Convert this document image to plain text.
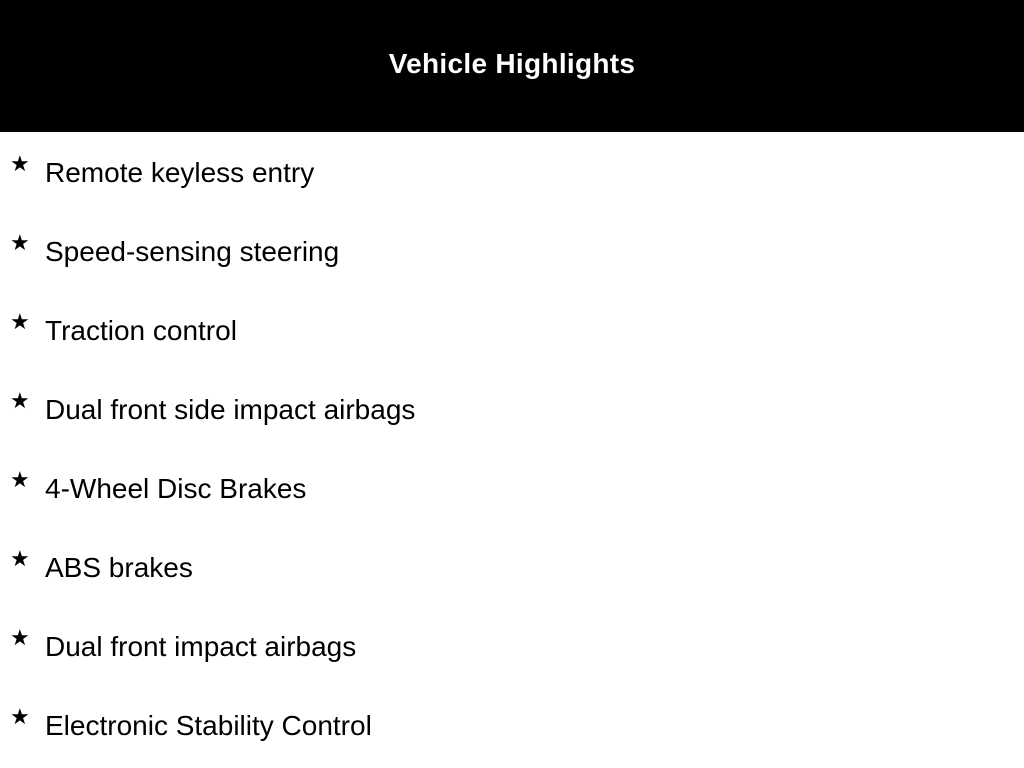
Vehicle Highlights
★ Remote keyless entry
★ Speed-sensing steering
★ Traction control
★ Dual front side impact airbags
★ 4-Wheel Disc Brakes
★ ABS brakes
★ Dual front impact airbags
★ Electronic Stability Control
